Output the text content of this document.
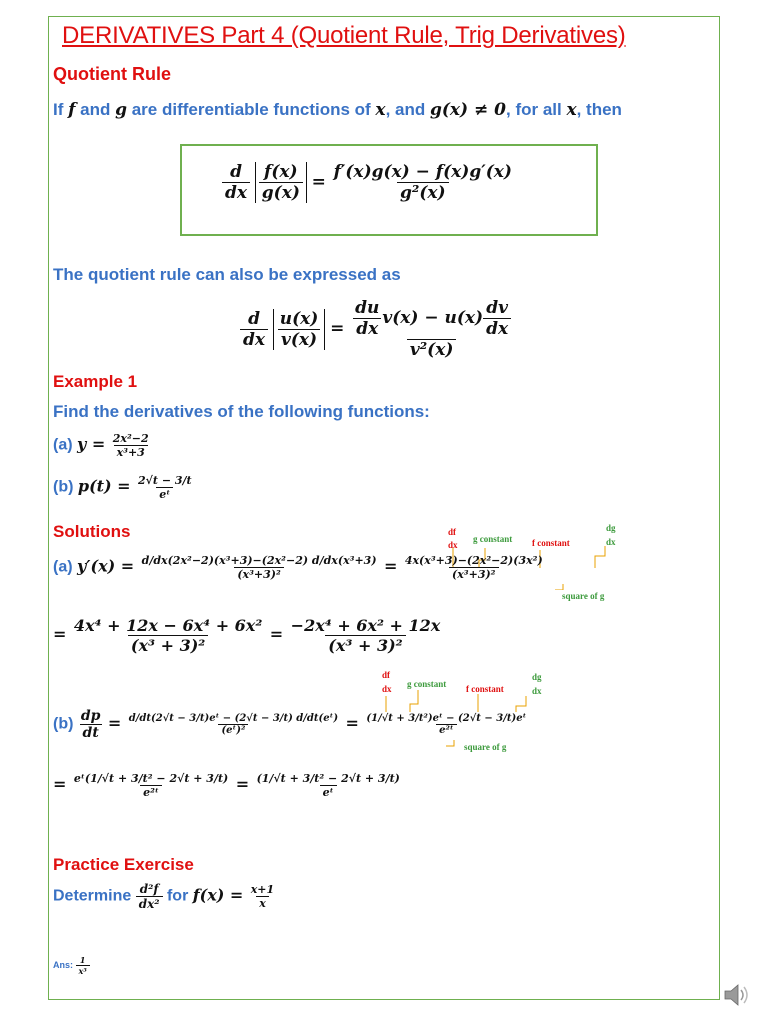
DERIVATIVES Part 4 (Quotient Rule, Trig Derivatives)
Quotient Rule
If f and g are differentiable functions of x, and g(x) ≠ 0, for all x, then
$\frac{d}{dx}$
$\frac{f(x)}{g(x)} = \frac{f'(x)g(x) - f(x)g'(x)}{\text{g²(x)}}$
The quotient rule can also be expressed as
$\frac{d}{dx}$
$\frac{u(x)}{v(x)} = \frac{\frac{du}{dx} v(x) - u(x) \frac{dv}{dx}}{\text{v²(x)}}$
Example 1
Find the derivatives of the following functions:
(a) $y = \frac{\text{2x²−2}}{\text{x³+3}}$
(b) $p(t) = \frac{2√t - 3/t}{\text{eᵗ}}$
Solutions	df
dx
g constant f constant
dg
dx
square of g
(a) $y'(x) = \frac{\text{d/dx(2x²−2)(x³+3)−(2x²−2) d/dx(x³+3)}}{\text{(x³+3)²}} = \frac{\text{4x(x³+3)−(2x²−2)(3x²)}}{\text{(x³+3)²}}$
= $\frac{\text{4x⁴ + 12x − 6x⁴ + 6x²}}{\text{(x³ + 3)²}} = \frac{\text{−2x⁴ + 6x² + 12x}}{\text{(x³ + 3)²}}$
df
dx g constant f constant
dg
dx
square of g
$(b) \frac{dp}{dt} = \frac{\text{d/dt(2√t − 3/t)eᵗ − (2√t − 3/t) d/dt(eᵗ)}}{\text{(eᵗ)²}} = \frac{\text{(1/√t + 3/t²)eᵗ − (2√t − 3/t)eᵗ}}{\text{e²ᵗ}}$
= $\frac{\text{eᵗ(1/√t + 3/t² − 2√t + 3/t)}}{\text{e²ᵗ}} = \frac{\text{(1/√t + 3/t² − 2√t + 3/t)}}{\text{eᵗ}}$
Practice Exercise
Determine $\frac{\text{d²f}}{\text{dx²}}$ for $f(x) = \frac{x+1}{x}$
Ans: $\frac{1}{\text{x³}}$
